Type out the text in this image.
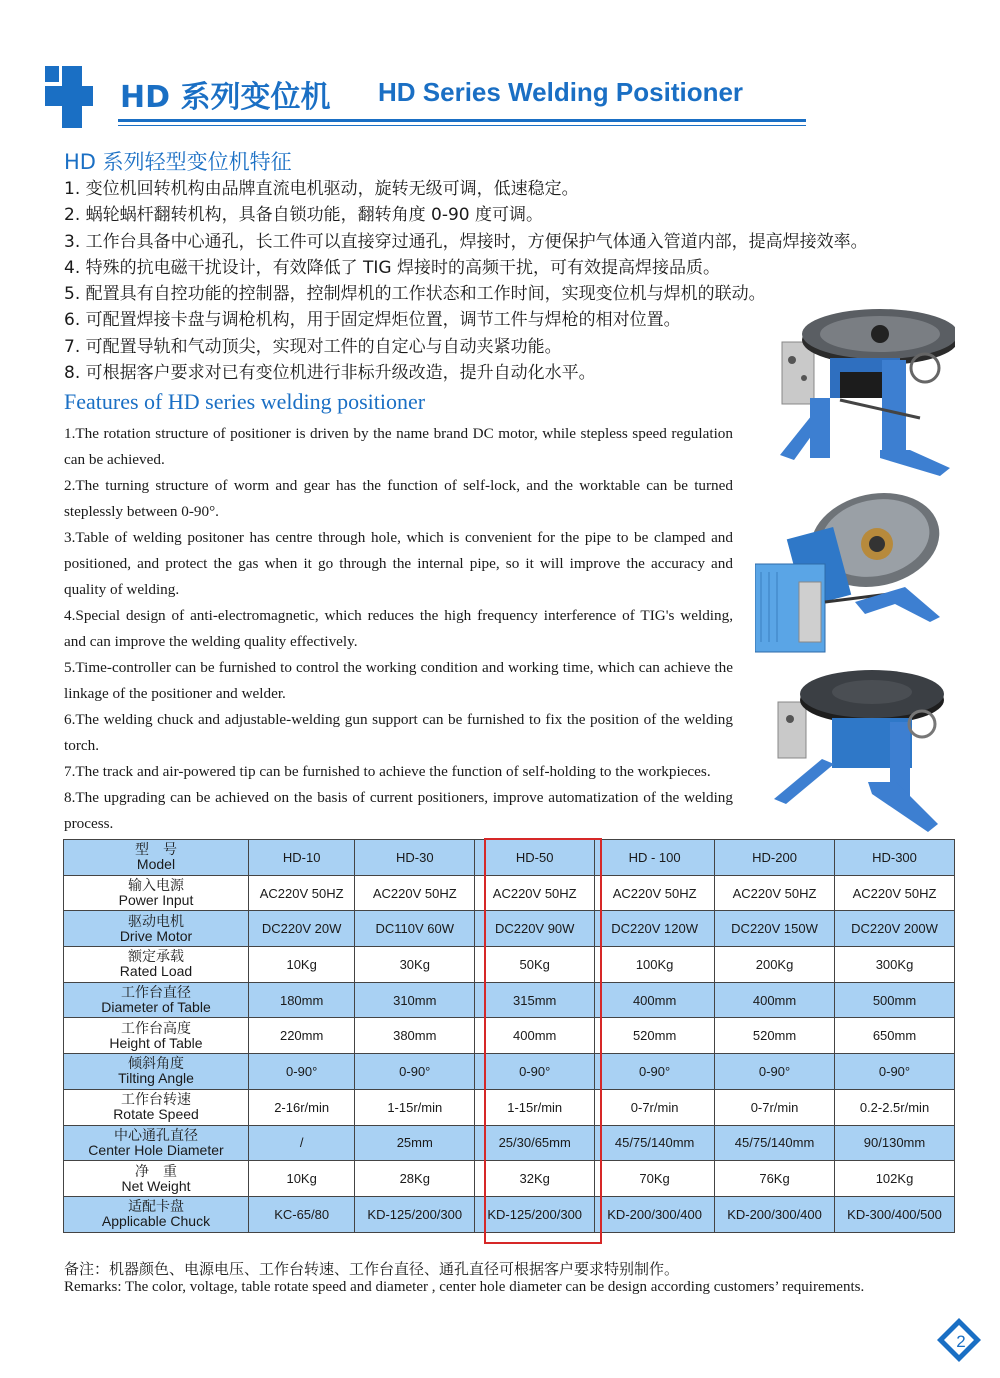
HD 系列变位机 HD Series Welding Positioner
HD 系列轻型变位机特征
1. 变位机回转机构由品牌直流电机驱动，旋转无级可调，低速稳定。
2. 蜗轮蜗杆翻转机构，具备自锁功能，翻转角度 0-90 度可调。
3. 工作台具备中心通孔，长工件可以直接穿过通孔，焊接时，方便保护气体通入管道内部，提高焊接效率。
4. 特殊的抗电磁干扰设计，有效降低了 TIG 焊接时的高频干扰，可有效提高焊接品质。
5. 配置具有自控功能的控制器，控制焊机的工作状态和工作时间，实现变位机与焊机的联动。
6. 可配置焊接卡盘与调枪机构，用于固定焊炬位置，调节工件与焊枪的相对位置。
7. 可配置导轨和气动顶尖，实现对工件的自定心与自动夹紧功能。
8. 可根据客户要求对已有变位机进行非标升级改造，提升自动化水平。
Features of HD series welding positioner

1.The rotation structure of positioner is driven by the name brand DC motor, while stepless speed regulation can be achieved.

2.The turning structure of worm and gear has the function of self-lock, and the worktable can be turned steplessly between 0-90°.

3.Table of welding positoner has centre through hole, which is convenient for the pipe to be clamped and positioned, and protect the gas when it go through the internal pipe, so it will improve the accuracy and quality of welding.

4.Special design of anti-electromagnetic, which reduces the high frequency interference of TIG's welding, and can improve the welding quality effectively.

5.Time-controller can be furnished to control the working condition and working time, which can achieve the linkage of the positioner and welder.

6.The welding chuck and adjustable-welding gun support can be furnished to fix the position of the welding torch.

7.The track and air-powered tip can be furnished to achieve the function of self-holding to the workpieces.

8.The upgrading can be achieved on the basis of current positioners, improve automatization of the welding process.

型　号
Model	HD-10	HD-30	HD-50	HD - 100	HD-200	HD-300

输入电源
Power Input	AC220V 50HZ	AC220V 50HZ	AC220V 50HZ	AC220V 50HZ	AC220V 50HZ	AC220V 50HZ

驱动电机
Drive Motor	DC220V 20W	DC110V 60W	DC220V 90W	DC220V 120W	DC220V 150W	DC220V 200W

额定承载
Rated Load	10Kg	30Kg	50Kg	100Kg	200Kg	300Kg

工作台直径
Diameter of Table	180mm	310mm	315mm	400mm	400mm	500mm

工作台高度
Height of Table	220mm	380mm	400mm	520mm	520mm	650mm

倾斜角度
Tilting Angle	0-90°	0-90°	0-90°	0-90°	0-90°	0-90°

工作台转速
Rotate Speed	2-16r/min	1-15r/min	1-15r/min	0-7r/min	0-7r/min	0.2-2.5r/min

中心通孔直径
Center Hole Diameter	/	25mm	25/30/65mm	45/75/140mm	45/75/140mm	90/130mm

净　重
Net Weight	10Kg	28Kg	32Kg	70Kg	76Kg	102Kg

适配卡盘
Applicable Chuck	KC-65/80	KD-125/200/300	KD-125/200/300	KD-200/300/400	KD-200/300/400	KD-300/400/500
备注：机器颜色、电源电压、工作台转速、工作台直径、通孔直径可根据客户要求特别制作。
Remarks: The color, voltage, table rotate speed and diameter , center hole diameter can be design according customers’ requirements.
2
